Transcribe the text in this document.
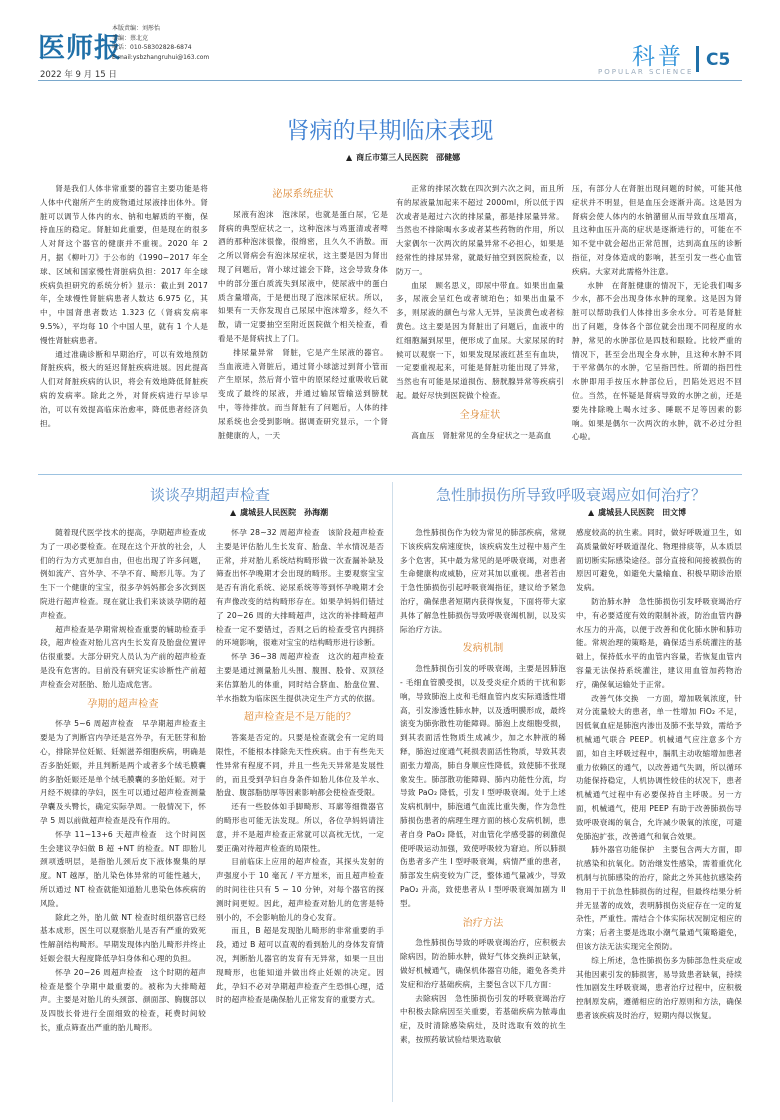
医师报
2022 年 9 月 15 日
本版责编：刘彤怡
美编：蔡北克
电话：010-58302828-6874
E-mail:ysbzhangruhui@163.com	科普
POPULAR SCIENCE
C5
肾病的早期临床表现
▲ 商丘市第三人民医院　邵健娜

肾是我们人体非常重要的器官主要功能是将人体中代谢所产生的废物通过尿液排出体外。肾脏可以调节人体内的水、钠和电解质的平衡，保持血压的稳定。肾脏如此重要，但是现在的很多人对肾这个器官的健康并不重视。2020 年 2 月，据《柳叶刀》于公布的《1990~2017 年全球、区域和国家慢性肾脏病负担：2017 年全球疾病负担研究的系统分析》显示：截止到 2017 年，全球慢性肾脏病患者人数达 6.975 亿，其中，中国肾患者数达 1.323 亿（肾病发病率 9.5%），平均每 10 个中国人里，就有 1 个人是慢性肾脏病患者。

通过准确诊断和早期治疗，可以有效地预防肾脏疾病，极大的延迟肾脏疾病进展。因此提高人们对肾脏疾病的认识，将会有效地降低肾脏疾病的发病率。除此之外，对肾疾病进行早诊早治，可以有效提高临床治愈率，降低患者经济负担。

泌尿系统症状

尿液有泡沫　泡沫尿，也就是蛋白尿，它是肾病的典型症状之一，这种泡沫与鸡蛋清或者啤酒的那种泡沫很像，很绵密，且久久不消散。而之所以肾病会有泡沫尿症状，这主要是因为肾出现了问题后，肾小球过滤会下降，这会导致身体中的部分蛋白质流失到尿液中，使尿液中的蛋白质含量增高，于是便出现了泡沫尿症状。所以，如果有一天你发现自己尿尿中泡沫增多，经久不散，请一定要抽空至附近医院做个相关检查，看看是不是肾病找上了门。

排尿量异常　肾脏，它是产生尿液的器官。当血液进入肾脏后，通过肾小球滤过到肾小管而产生原尿，然后肾小管中的原尿经过重吸收后就变成了最终的尿液，并通过输尿管输送到膀胱中，等待排放。而当肾脏有了问题后，人体的排尿系统也会受到影响。据调查研究显示，一个肾脏健康的人，一天

正常的排尿次数在四次到六次之间，而且所有的尿液量加起来不超过 2000ml，所以低于四次或者是超过六次的排尿量，都是排尿量异常。当然也不排除喝水多或者某些药物的作用，所以大家偶尔一次两次的尿量异常不必担心，如果是经常性的排尿异常，就最好抽空到医院检查，以防万一。

血尿　顾名思义，即尿中带血。如果出血量多，尿液会呈红色或者琥珀色；如果出血量不多，则尿液的颜色与常人无异，呈淡黄色或者棕黄色。这主要是因为肾脏出了问题后，血液中的红细胞漏到尿里，便形成了血尿。大家尿尿的时候可以观察一下，如果发现尿液红甚至有血块，一定要重视起来，可能是肾脏功能出现了异常，当然也有可能是尿道损伤、膀胱腺异常等疾病引起。最好尽快到医院做个检查。

全身症状

高血压　肾脏常见的全身症状之一是高血

压，有部分人在肾脏出现问题的时候，可能其他症状并不明显，但是血压会逐渐升高。这是因为肾病会使人体内的水钠潴留从而导致血压增高，且这种血压升高的症状是逐渐进行的，可能在不知不觉中就会超出正常范围，达到高血压的诊断指征，对身体造成的影响，甚至引发一些心血管疾病。大家对此需格外注意。

水肿　在肾脏健康的情况下，无论我们喝多少水，都不会出现身体水肿的现象。这是因为肾脏可以帮助我们人体排出多余水分。可若是肾脏出了问题，身体各个部位就会出现不同程度的水肿，常见的水肿部位是四肢和眼睑。比较严重的情况下，甚至会出现全身水肿，且这种水肿不同于平常偶尔的水肿，它呈指凹性。所谓的指凹性水肿即用手按压水肿部位后，凹陷处迟迟不回位。当然，在怀疑是肾病导致的水肿之前，还是要先排除晚上喝水过多、睡眠不足等因素的影响。如果是偶尔一次两次的水肿，就不必过分担心啦。

谈谈孕期超声检查
▲ 虞城县人民医院　孙海潮

随着现代医学技术的提高，孕期超声检查成为了一项必要检查。在现在这个开放的社会，人们的行为方式更加自由，但也出现了许多问题，例如流产、宫外孕、不孕不育、畸形儿等。为了生下一个健康的宝宝，很多孕妈妈都会多次到医院进行超声检查。现在就让我们来谈谈孕期的超声检查。

超声检查是孕期常规检查重要的辅助检查手段，超声检查对胎儿宫内生长发育及胎盘位置评估很重要。大部分研究人员认为产前的超声检查是没有危害的。目前没有研究证实诊断性产前超声检查会对胚胎、胎儿造成危害。

孕期的超声检查

怀孕 5~6 周超声检查　早孕期超声检查主要是为了判断宫内孕还是宫外孕，有无胚芽和胎心，排除异位妊娠、妊娠滋养细胞疾病，明确是否多胎妊娠，并且判断是两个或者多个绒毛膜囊的多胎妊娠还是单个绒毛膜囊的多胎妊娠。对于月经不规律的孕妇，医生可以通过超声检查测量孕囊及头臀长，确定实际孕周。一般情况下，怀孕 5 周以前做超声检查是没有作用的。

怀孕 11~13+6 天超声检查　这个时间医生会建议孕妇做 B 超 +NT 的检查。NT 即胎儿颈项透明层，是指胎儿颈后皮下液体聚集的厚度。NT 越厚，胎儿染色体异常的可能性越大，所以通过 NT 检查就能知道胎儿患染色体疾病的风险。

除此之外，胎儿做 NT 检查时组织器官已经基本成形，医生可以观察胎儿是否有严重的致死性解剖结构畸形。早期发现体内胎儿畸形并终止妊娠会很大程度降低孕妇身体和心理的负担。

怀孕 20~26 周超声检查　这个时期的超声检查是整个孕期中最重要的。被称为大排畸超声。主要是对胎儿的头颈部、颜面部、胸腹部以及四肢长骨进行全面细致的检查，耗费时间较长，重点筛查出严重的胎儿畸形。

怀孕 28~32 周超声检查　该阶段超声检查主要是评估胎儿生长发育、胎盘、羊水情况是否正常，并对胎儿系统结构畸形做一次查漏补缺及筛查出怀孕晚期才会出现的畸形。主要观察宝宝是否有消化系统、泌尿系统等等到怀孕晚期才会有声像改变的结构畸形存在。如果孕妈妈们错过了 20~26 周的大排畸超声，这次的补排畸超声检查一定不要错过，否则之后的检查受官内拥挤的环境影响，很难对宝宝的结构畸形进行诊断。

怀孕 36~38 周超声检查　这次的超声检查主要是通过测量胎儿头围、腹围、股骨、双顶径来估算胎儿的体重，同时结合脐血、胎盘位置、羊水指数为临床医生提供决定生产方式的依据。

超声检查是不是万能的？

答案是否定的。只要是检查就会有一定的局限性，不能根本排除先天性疾病。由于有些先天性异常有程度不同，并且一些先天异常是发展性的，而且受到孕妇自身条件如胎儿体位及羊水、胎盘、腹部脂肪厚等因素影响都会使检查受限。

还有一些胶体如手脚畸形、耳廓等细微器官的畸形也可能无法发现。所以，各位孕妈妈请注意，并不是超声检查正常就可以高枕无忧，一定要正确对待超声检查的局限性。

目前临床上应用的超声检查，其探头发射的声强度小于 10 毫瓦 / 平方厘米，而且超声检查的时间往往只有 5 ~ 10 分钟，对每个器官的探测时间更短。因此，超声检查对胎儿的危害是特别小的，不会影响胎儿的身心发育。

而且，B 超是发现胎儿畸形的非常重要的手段，通过 B 超可以直观的看到胎儿的身体发育情况，判断胎儿器官的发育有无异常，如果一旦出现畸形，也能知道并做出终止妊娠的决定。因此，孕妇不必对孕期超声检查产生恐惧心理，适时的超声检查是确保胎儿正常发育的重要方式。

急性肺损伤所导致呼吸衰竭应如何治疗？
▲ 虞城县人民医院　田文博

急性肺损伤作为较为常见的肺部疾病，常规下该疾病发病速度快，该疾病发生过程中易产生多个危害，其中最为常见的是呼吸衰竭，对患者生命健康构成威胁，应对其加以重视。患者若由于急性肺损伤引起呼吸衰竭指征，建议给予紧急治疗，确保患者短期内获得恢复，下面将带大家具体了解急性肺损伤导致呼吸衰竭机制，以及实际治疗方法。

发病机制

急性肺损伤引发的呼吸衰竭，主要是因肺泡 - 毛细血管膜受损，以及受炎症介质的干扰和影响，导致肺泡上皮和毛细血管内皮实际通透性增高，引发渗透性肺水肿，以及透明膜形成，最终演变为肺弥散性功能障碍。肺泡上皮细胞受损，到其表面活性物质生成减少，加之水肿液的稀释，肺泡过度通气耗损表面活性物质，导致其表面张力增高，肺自身顺应性降低，致使肺不张现象发生。肺部散功能障碍、肺内功能性分流，均导致 PaO₂ 降低，引发 I 型呼吸衰竭。处于上述发病机制中，肺泡通气血流比重失衡，作为急性肺损伤患者的病理生理方面的核心发病机制，患者自身 PaO₂ 降低，对血管化学感受器的刺激促使呼吸运动加强，致使呼吸较为窘迫。所以肺损伤患者多产生 I 型呼吸衰竭，病情严重的患者，肺部发生病变较为广泛，整体通气量减少，导致 PaO₂ 升高，致使患者从 I 型呼吸衰竭加剧为 II 型。

治疗方法

急性肺损伤导致的呼吸衰竭治疗，应积极去除病因，防治肺水肿，做好气体交换纠正缺氧，做好机械通气，确保机体器官功能，避免各类并发症和治疗基础疾病，主要包含以下几方面：

去除病因　急性肺损伤引发的呼吸衰竭治疗中积极去除病因至关重要，若基础疾病为脓毒血症，及时清除感染病灶，及时选取有效的抗生素，按照药敏试验结果选取敏

感度较高的抗生素。同时，做好呼吸道卫生，如高质量做好呼吸道湿化、物理排痰等，从本质层面切断实际感染途径。部分直接和间接被损伤的原因可避免，如避免大量输血、积极早期诊治原发病。

防治肺水肿　急性肺损伤引发呼吸衰竭治疗中，有必要适度有效的限制补液，防治血管内静水压力的升高，以便于改善和优化肺水肿和肺功能。常规治理的策略是，确保适当系统灌注的基础上，保持低水平的血管内容量，若恢复血管内容量无法保持系统灌注，建议用血管加药物治疗，确保氧运输处于正常。

改善气体交换　一方面，增加吸氧浓度，针对分流量较大的患者，单一性增加 FiO₂ 不足，因低氧血症是肺泡内渗出及肺不张导致，需给予机械通气联合 PEEP。机械通气应注意多个方面，如自主呼吸过程中，膈肌主动收缩增加患者重力依赖区的通气，以改善通气失调，所以循环功能保持稳定，人机协调性较佳的状况下，患者机械通气过程中有必要保持自主呼吸。另一方面，机械通气，使用 PEEP 有助于改善肺损伤导致呼吸衰竭的氧合，允许减少吸氧的浓度，可避免肺泡扩张，改善通气和氧合效果。

肺外器官功能保护　主要包含两大方面，即抗感染和抗氧化。防治继发性感染，需着重优化机制与抗肺感染的治疗，除此之外其他抗感染药物用于于抗急性肺损伤的过程，但最终结果分析并无显著的成效，表明肺损伤炎症存在一定的复杂性，严重性。需结合个体实际状况制定相应的方案；后者主要是选取小潮气量通气策略避免，但该方法无法实现完全预防。

综上所述，急性肺损伤多为肺部急性炎症或其他因素引发的肺损害，易导致患者缺氧，持续性加剧发生呼吸衰竭，患者治疗过程中，应积极控制原发病，遵循相应的治疗原则和方法，确保患者该疾病及时治疗，短期内得以恢复。
